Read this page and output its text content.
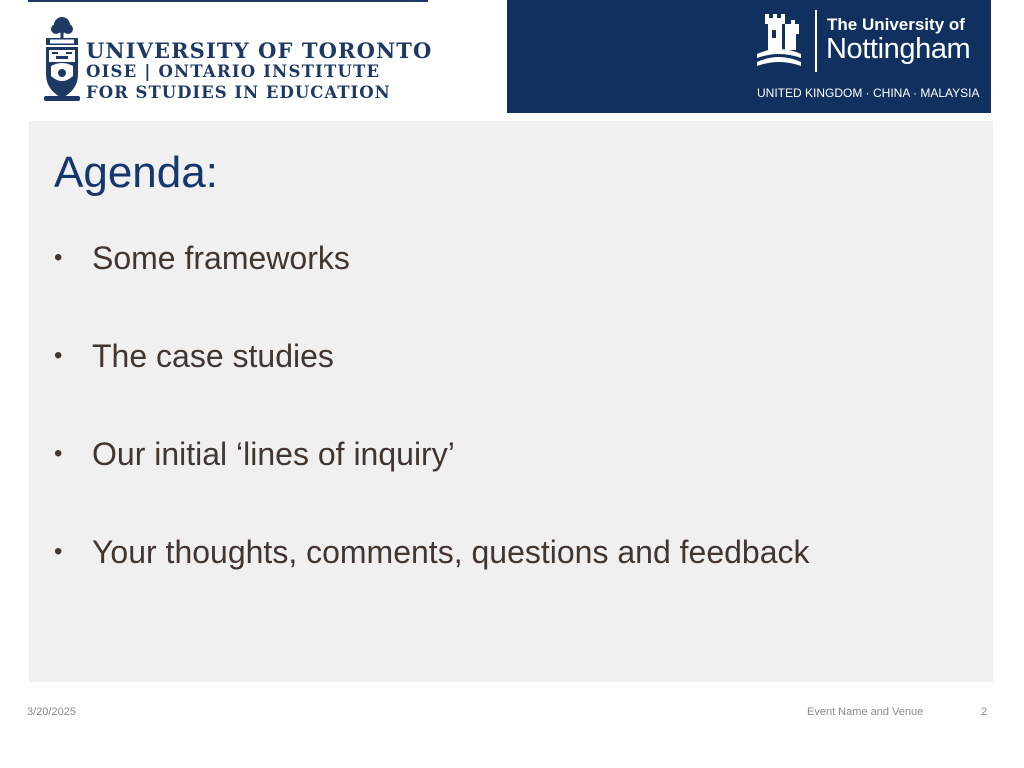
UNIVERSITY OF TORONTO
OISE | ONTARIO INSTITUTE
FOR STUDIES IN EDUCATION
The University of
Nottingham
UNITED KINGDOM · CHINA · MALAYSIA
Agenda:
• Some frameworks
• The case studies
• Our initial ‘lines of inquiry’
• Your thoughts, comments, questions and feedback
3/20/2025	Event Name and Venue	2
